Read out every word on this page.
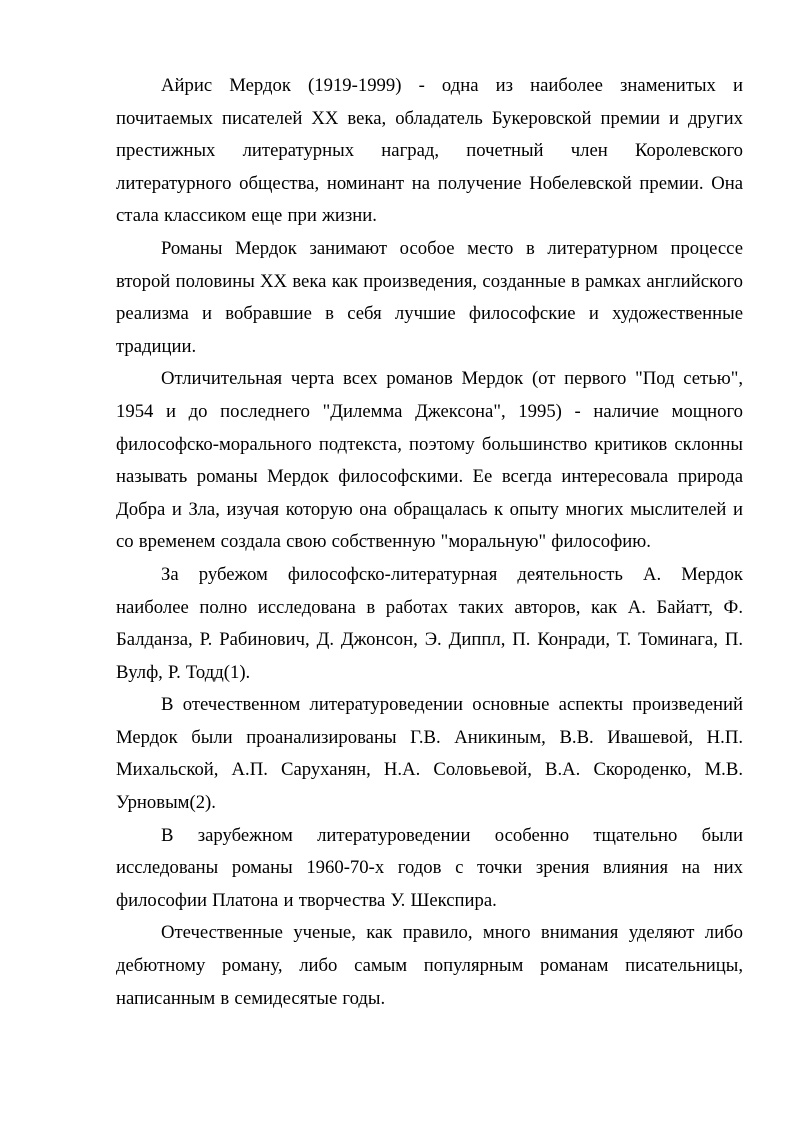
Айрис Мердок (1919-1999) - одна из наиболее знаменитых и почитаемых писателей XX века, обладатель Букеровской премии и других престижных литературных наград, почетный член Королевского литературного общества, номинант на получение Нобелевской премии. Она стала классиком еще при жизни.

Романы Мердок занимают особое место в литературном процессе второй половины XX века как произведения, созданные в рамках английского реализма и вобравшие в себя лучшие философские и художественные традиции.

Отличительная черта всех романов Мердок (от первого "Под сетью", 1954 и до последнего "Дилемма Джексона", 1995) - наличие мощного философско-морального подтекста, поэтому большинство критиков склонны называть романы Мердок философскими. Ее всегда интересовала природа Добра и Зла, изучая которую она обращалась к опыту многих мыслителей и со временем создала свою собственную "моральную" философию.

За рубежом философско-литературная деятельность А. Мердок наиболее полно исследована в работах таких авторов, как А. Байатт, Ф. Балданза, Р. Рабинович, Д. Джонсон, Э. Диппл, П. Конради, Т. Томинага, П. Вулф, Р. Тодд(1).

В отечественном литературоведении основные аспекты произведений Мердок были проанализированы Г.В. Аникиным, В.В. Ивашевой, Н.П. Михальской, А.П. Саруханян, Н.А. Соловьевой, В.А. Скороденко, М.В. Урновым(2).

В зарубежном литературоведении особенно тщательно были исследованы романы 1960-70-х годов с точки зрения влияния на них философии Платона и творчества У. Шекспира.

Отечественные ученые, как правило, много внимания уделяют либо дебютному роману, либо самым популярным романам писательницы, написанным в семидесятые годы.
